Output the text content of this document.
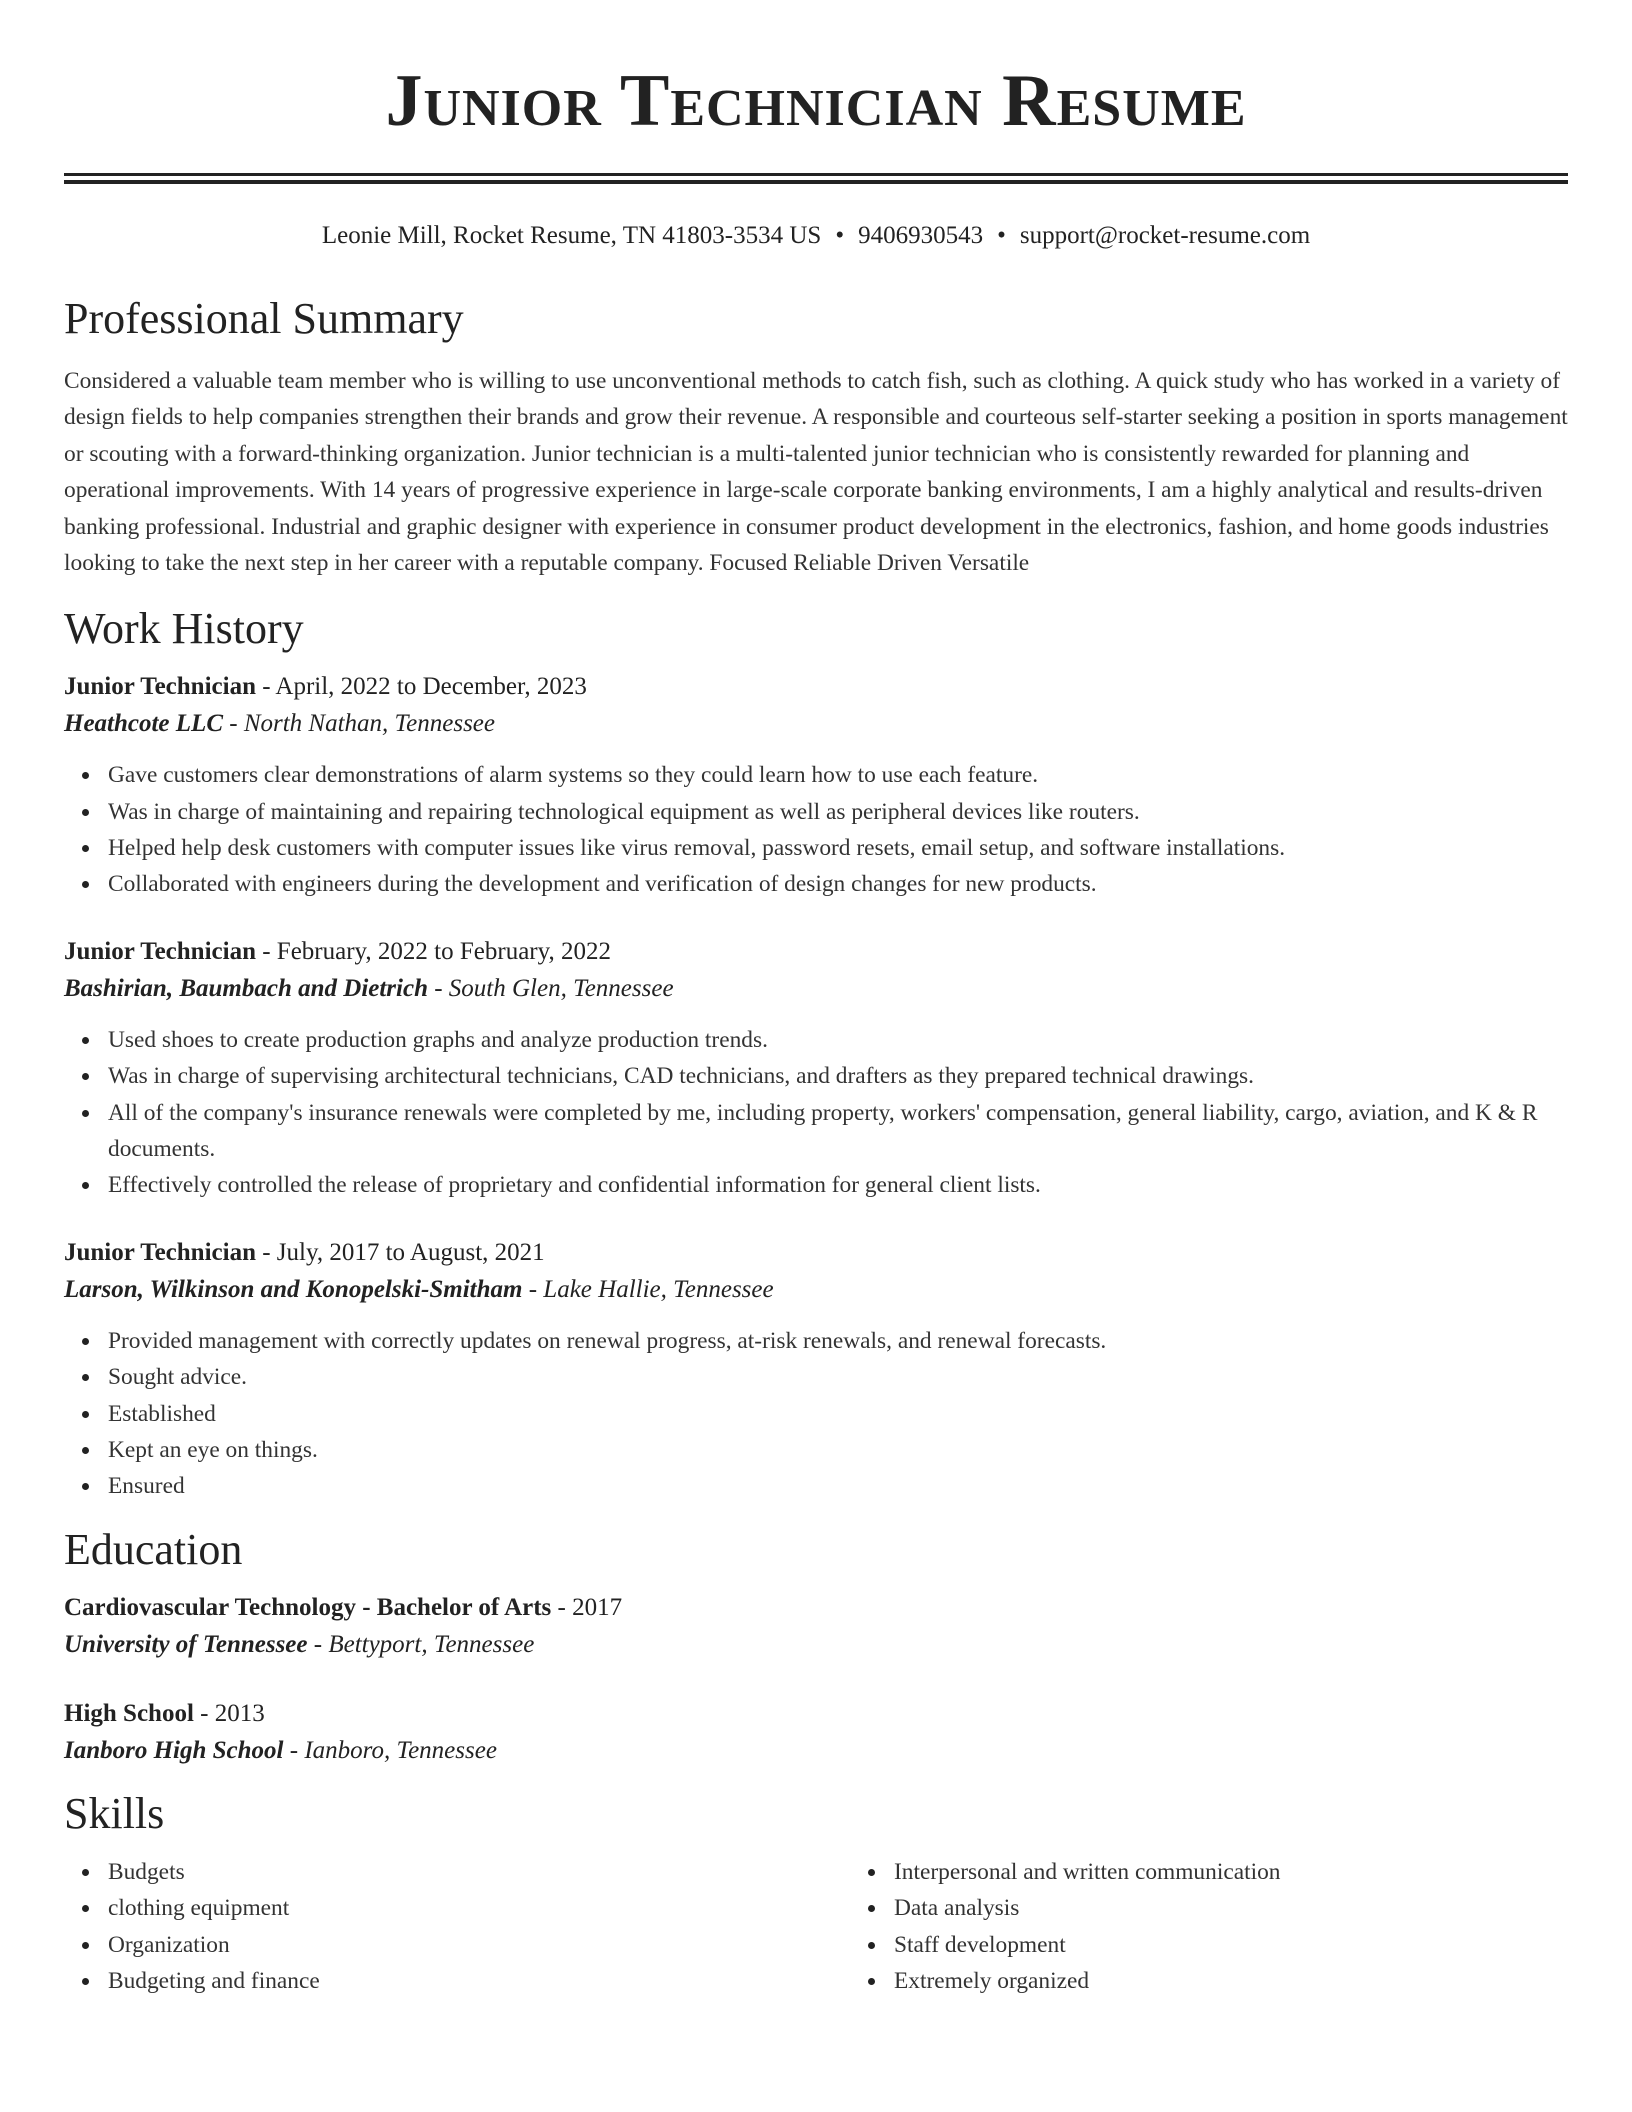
Junior Technician Resume
Leonie Mill, Rocket Resume, TN 41803-3534 US • 9406930543 • support@rocket-resume.com
Professional Summary

Considered a valuable team member who is willing to use unconventional methods to catch fish, such as clothing. A quick study who has worked in a variety of design fields to help companies strengthen their brands and grow their revenue. A responsible and courteous self-starter seeking a position in sports management or scouting with a forward-thinking organization. Junior technician is a multi-talented junior technician who is consistently rewarded for planning and operational improvements. With 14 years of progressive experience in large-scale corporate banking environments, I am a highly analytical and results-driven banking professional. Industrial and graphic designer with experience in consumer product development in the electronics, fashion, and home goods industries looking to take the next step in her career with a reputable company. Focused Reliable Driven Versatile

Work History
Junior Technician - April, 2022 to December, 2023
Heathcote LLC - North Nathan, Tennessee
Gave customers clear demonstrations of alarm systems so they could learn how to use each feature.
Was in charge of maintaining and repairing technological equipment as well as peripheral devices like routers.
Helped help desk customers with computer issues like virus removal, password resets, email setup, and software installations.
Collaborated with engineers during the development and verification of design changes for new products.
Junior Technician - February, 2022 to February, 2022
Bashirian, Baumbach and Dietrich - South Glen, Tennessee
Used shoes to create production graphs and analyze production trends.
Was in charge of supervising architectural technicians, CAD technicians, and drafters as they prepared technical drawings.
All of the company's insurance renewals were completed by me, including property, workers' compensation, general liability, cargo, aviation, and K & R documents.
Effectively controlled the release of proprietary and confidential information for general client lists.
Junior Technician - July, 2017 to August, 2021
Larson, Wilkinson and Konopelski-Smitham - Lake Hallie, Tennessee
Provided management with correctly updates on renewal progress, at-risk renewals, and renewal forecasts.
Sought advice.
Established
Kept an eye on things.
Ensured
Education
Cardiovascular Technology - Bachelor of Arts - 2017
University of Tennessee - Bettyport, Tennessee
High School - 2013
Ianboro High School - Ianboro, Tennessee
Skills
Budgets
clothing equipment
Organization
Budgeting and finance
Interpersonal and written communication
Data analysis
Staff development
Extremely organized
